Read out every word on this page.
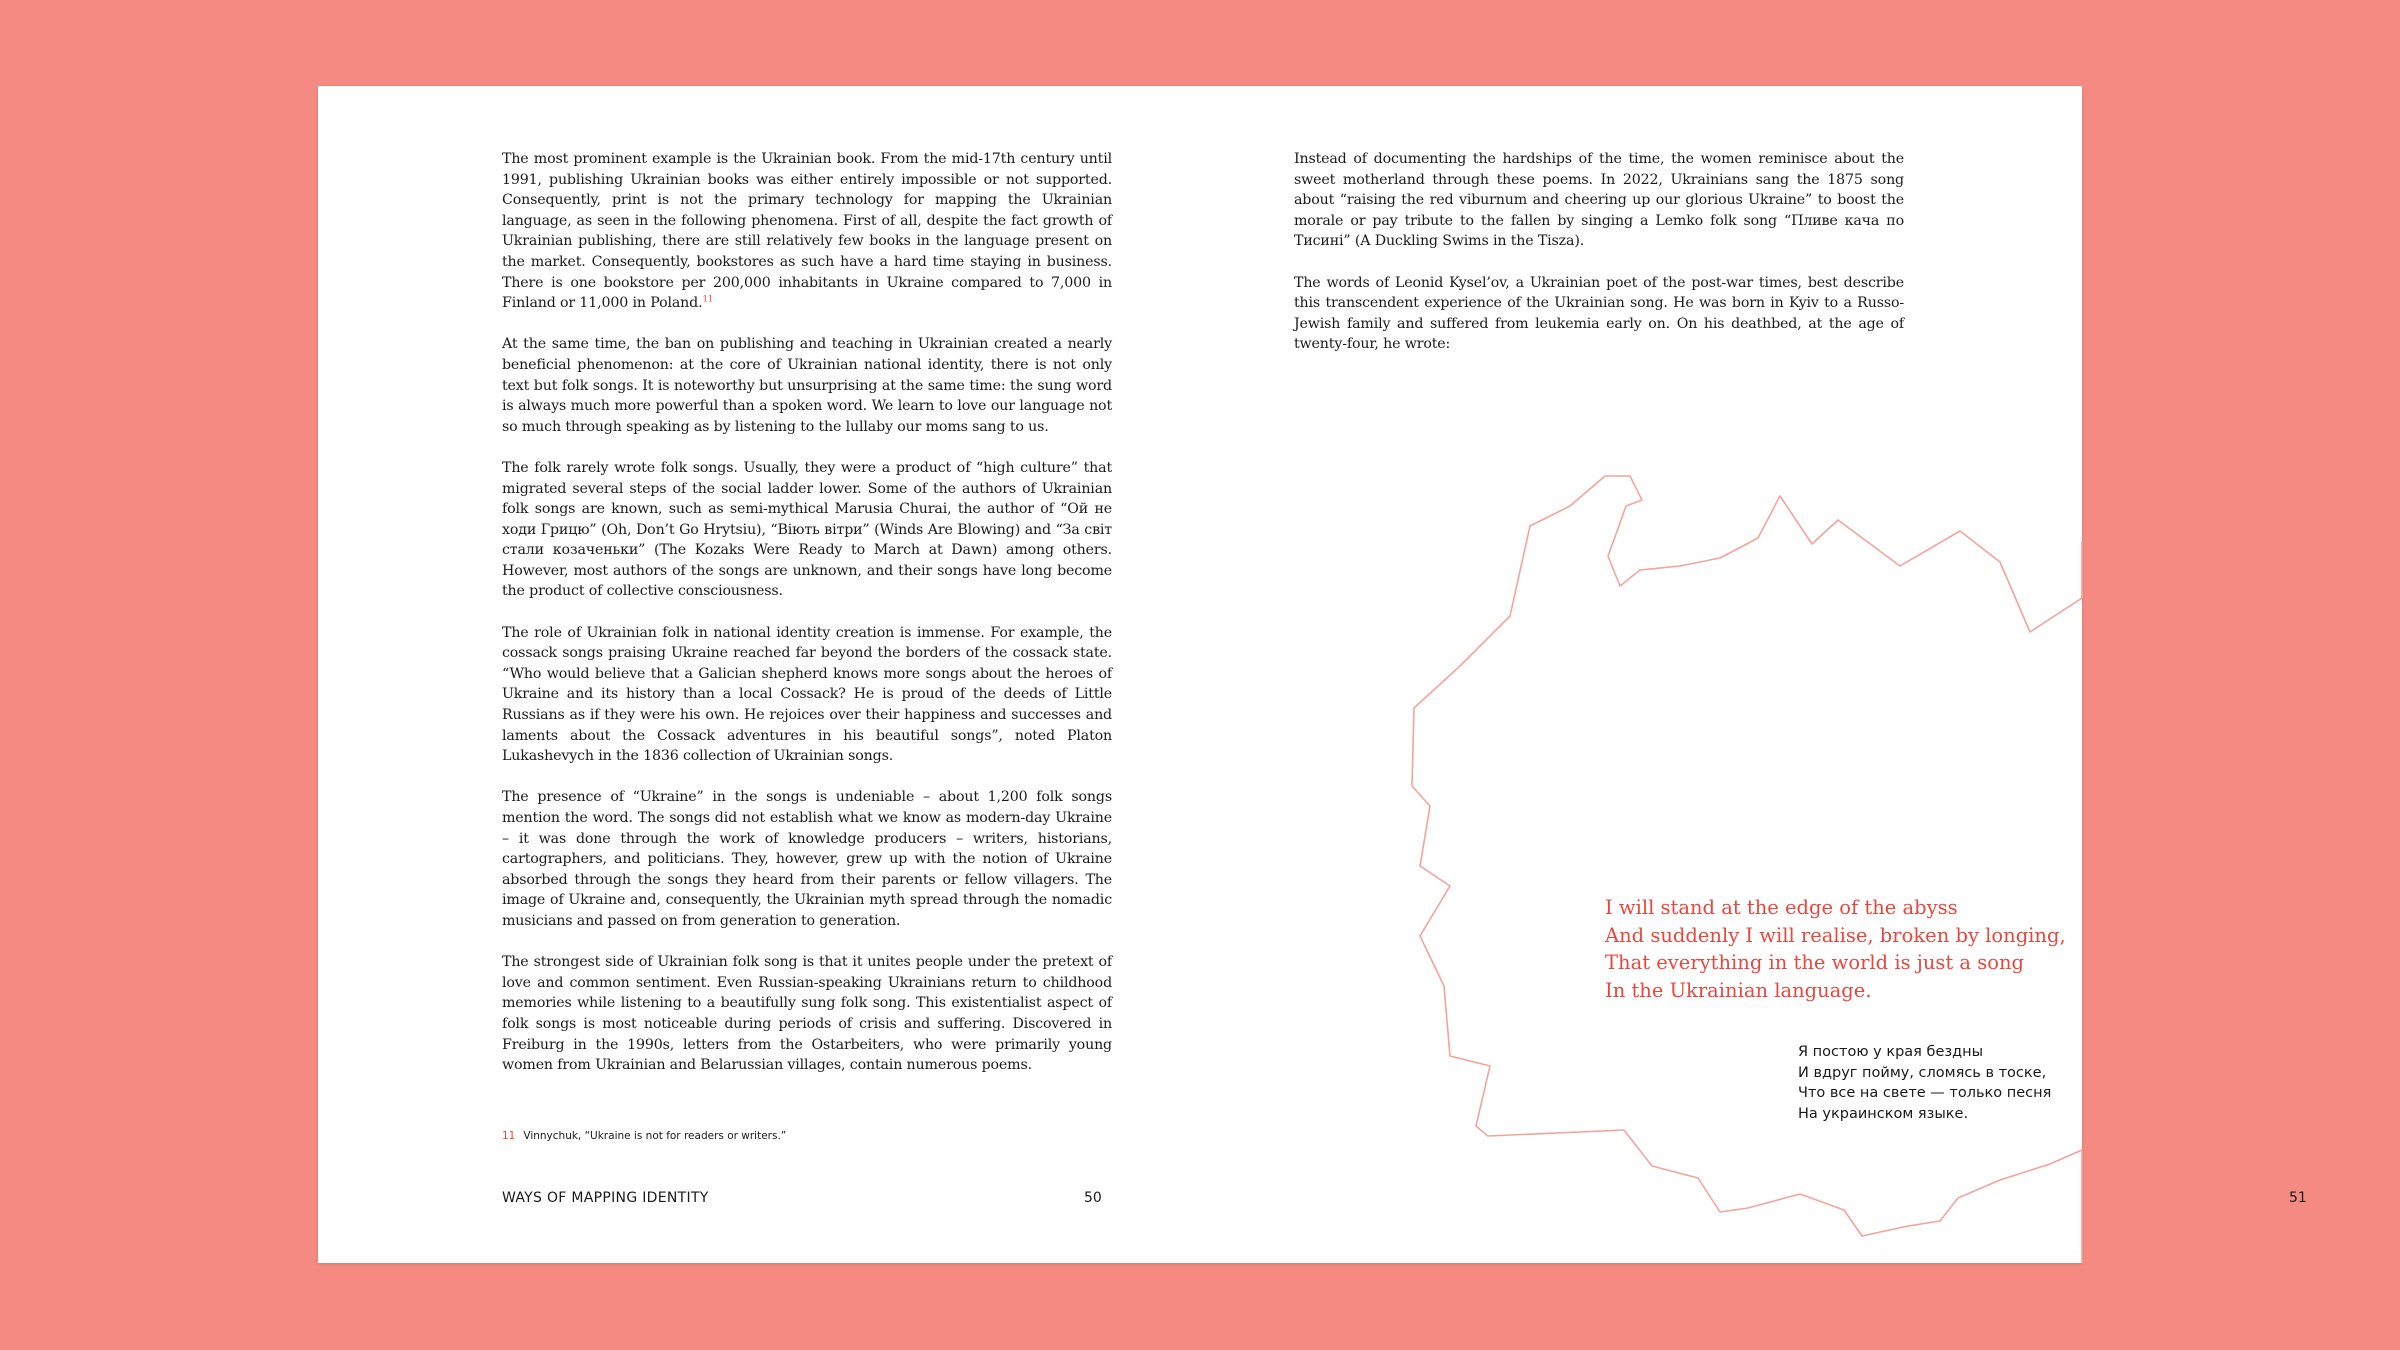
The most prominent example is the Ukrainian book. From the mid-17th century until 1991, publishing Ukrainian books was either entirely impossible or not supported. Consequently, print is not the primary technology for mapping the Ukrainian language, as seen in the following phenomena. First of all, despite the fact growth of Ukrainian publishing, there are still relatively few books in the language present on the market. Consequently, bookstores as such have a hard time staying in business. There is one bookstore per 200,000 inhabitants in Ukraine compared to 7,000 in Finland or 11,000 in Poland.$^{11}$

At the same time, the ban on publishing and teaching in Ukrainian created a nearly beneficial phenomenon: at the core of Ukrainian national identity, there is not only text but folk songs. It is noteworthy but unsurprising at the same time: the sung word is always much more powerful than a spoken word. We learn to love our language not so much through speaking as by listening to the lullaby our moms sang to us.

The folk rarely wrote folk songs. Usually, they were a product of “high culture” that migrated several steps of the social ladder lower. Some of the authors of Ukrainian folk songs are known, such as semi-mythical Marusia Churai, the author of “Ой не ходи Грицю” (Oh, Don’t Go Hrytsiu), “Віють вітри” (Winds Are Blowing) and “За світ стали козаченьки” (The Kozaks Were Ready to March at Dawn) among others. However, most authors of the songs are unknown, and their songs have long become the product of collective consciousness.

The role of Ukrainian folk in national identity creation is immense. For example, the cossack songs praising Ukraine reached far beyond the borders of the cossack state. “Who would believe that a Galician shepherd knows more songs about the heroes of Ukraine and its history than a local Cossack? He is proud of the deeds of Little Russians as if they were his own. He rejoices over their happiness and successes and laments about the Cossack adventures in his beautiful songs”, noted Platon Lukashevych in the 1836 collection of Ukrainian songs.

The presence of “Ukraine” in the songs is undeniable – about 1,200 folk songs mention the word. The songs did not establish what we know as modern-day Ukraine – it was done through the work of knowledge producers – writers, historians, cartographers, and politicians. They, however, grew up with the notion of Ukraine absorbed through the songs they heard from their parents or fellow villagers. The image of Ukraine and, consequently, the Ukrainian myth spread through the nomadic musicians and passed on from generation to generation.

The strongest side of Ukrainian folk song is that it unites people under the pretext of love and common sentiment. Even Russian-speaking Ukrainians return to childhood memories while listening to a beautifully sung folk song. This existentialist aspect of folk songs is most noticeable during periods of crisis and suffering. Discovered in Freiburg in the 1990s, letters from the Ostarbeiters, who were primarily young women from Ukrainian and Belarussian villages, contain numerous poems.

11 Vinnychuk, “Ukraine is not for readers or writers.”
WAYS OF MAPPING IDENTITY	50

Instead of documenting the hardships of the time, the women reminisce about the sweet motherland through these poems. In 2022, Ukrainians sang the 1875 song about “raising the red viburnum and cheering up our glorious Ukraine” to boost the morale or pay tribute to the fallen by singing a Lemko folk song “Пливе кача по Тисині” (A Duckling Swims in the Tisza).

The words of Leonid Kysel’ov, a Ukrainian poet of the post-war times, best describe this transcendent experience of the Ukrainian song. He was born in Kyiv to a Russo-Jewish family and suffered from leukemia early on. On his deathbed, at the age of twenty-four, he wrote:

I will stand at the edge of the abyss
And suddenly I will realise, broken by longing,
That everything in the world is just a song
In the Ukrainian language.
Я постою у края бездны
И вдруг пойму, сломясь в тоске,
Что все на свете — только песня
На украинском языке.
51
